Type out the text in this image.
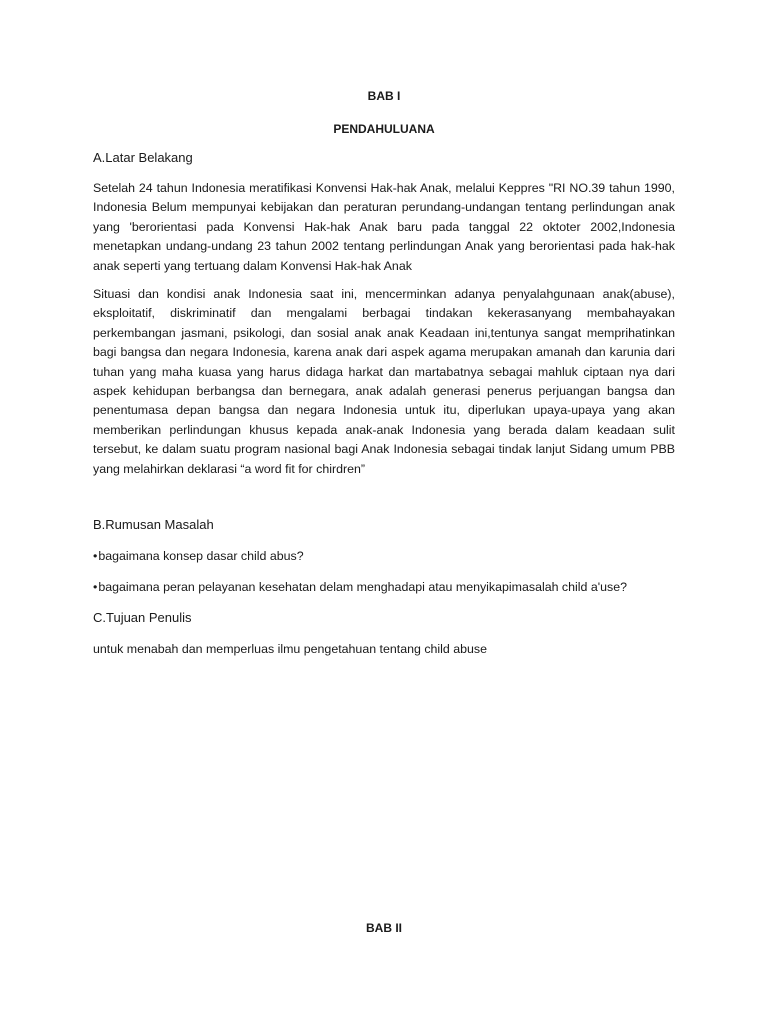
BAB I

PENDAHULUANA

A.Latar Belakang

Setelah 24 tahun Indonesia meratifikasi Konvensi Hak-hak Anak, melalui Keppres "RI NO.39 tahun 1990, Indonesia Belum mempunyai kebijakan dan peraturan perundang-undangan tentang perlindungan anak yang 'berorientasi pada Konvensi Hak-hak Anak baru pada tanggal 22 oktoter 2002,Indonesia menetapkan undang-undang 23 tahun 2002 tentang perlindungan Anak yang berorientasi pada hak-hak anak seperti yang tertuang dalam Konvensi Hak-hak Anak

Situasi dan kondisi anak Indonesia saat ini, mencerminkan adanya penyalahgunaan anak(abuse), eksploitatif, diskriminatif dan mengalami berbagai tindakan kekerasanyang membahayakan perkembangan jasmani, psikologi, dan sosial anak anak Keadaan ini,tentunya sangat memprihatinkan bagi bangsa dan negara Indonesia, karena anak dari aspek agama merupakan amanah dan karunia dari tuhan yang maha kuasa yang harus didaga harkat dan martabatnya sebagai mahluk ciptaan nya dari aspek kehidupan berbangsa dan bernegara, anak adalah generasi penerus perjuangan bangsa dan penentumasa depan bangsa dan negara Indonesia untuk itu, diperlukan upaya-upaya yang akan memberikan perlindungan khusus kepada anak-anak Indonesia yang berada dalam keadaan sulit tersebut, ke dalam suatu program nasional bagi Anak Indonesia sebagai tindak lanjut Sidang umum PBB yang melahirkan deklarasi “a word fit for chirdren”

B.Rumusan Masalah

•bagaimana konsep dasar child abus?

•bagaimana peran pelayanan kesehatan delam menghadapi atau menyikapimasalah child a'use?

C.Tujuan Penulis

untuk menabah dan memperluas ilmu pengetahuan tentang child abuse

BAB II
